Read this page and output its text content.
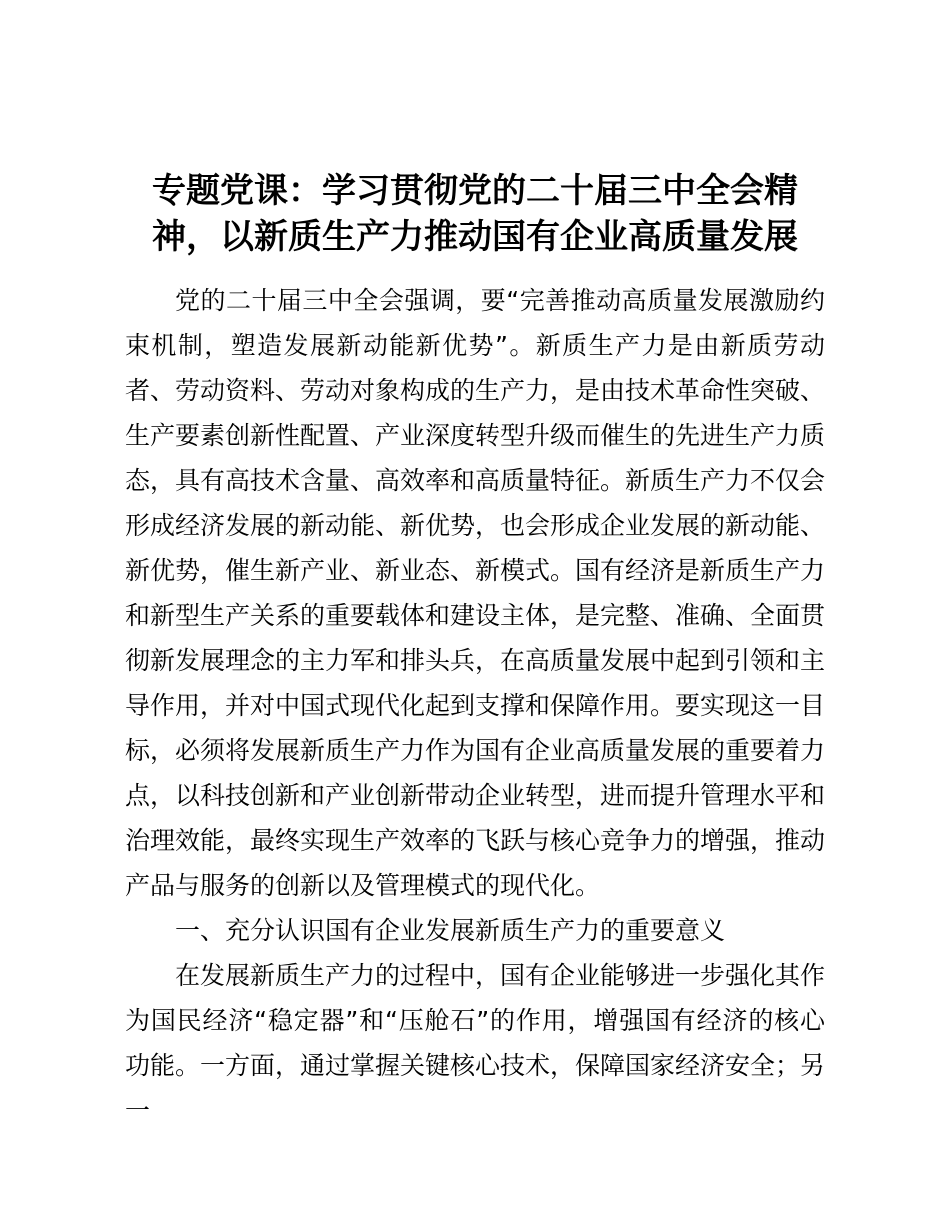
专题党课：学习贯彻党的二十届三中全会精神，以新质生产力推动国有企业高质量发展

党的二十届三中全会强调，要“完善推动高质量发展激励约束机制，塑造发展新动能新优势”。新质生产力是由新质劳动者、劳动资料、劳动对象构成的生产力，是由技术革命性突破、生产要素创新性配置、产业深度转型升级而催生的先进生产力质态，具有高技术含量、高效率和高质量特征。新质生产力不仅会形成经济发展的新动能、新优势，也会形成企业发展的新动能、新优势，催生新产业、新业态、新模式。国有经济是新质生产力和新型生产关系的重要载体和建设主体，是完整、准确、全面贯彻新发展理念的主力军和排头兵，在高质量发展中起到引领和主导作用，并对中国式现代化起到支撑和保障作用。要实现这一目标，必须将发展新质生产力作为国有企业高质量发展的重要着力点，以科技创新和产业创新带动企业转型，进而提升管理水平和治理效能，最终实现生产效率的飞跃与核心竞争力的增强，推动产品与服务的创新以及管理模式的现代化。

一、充分认识国有企业发展新质生产力的重要意义

在发展新质生产力的过程中，国有企业能够进一步强化其作为国民经济“稳定器”和“压舱石”的作用，增强国有经济的核心功能。一方面，通过掌握关键核心技术，保障国家经济安全；另一
